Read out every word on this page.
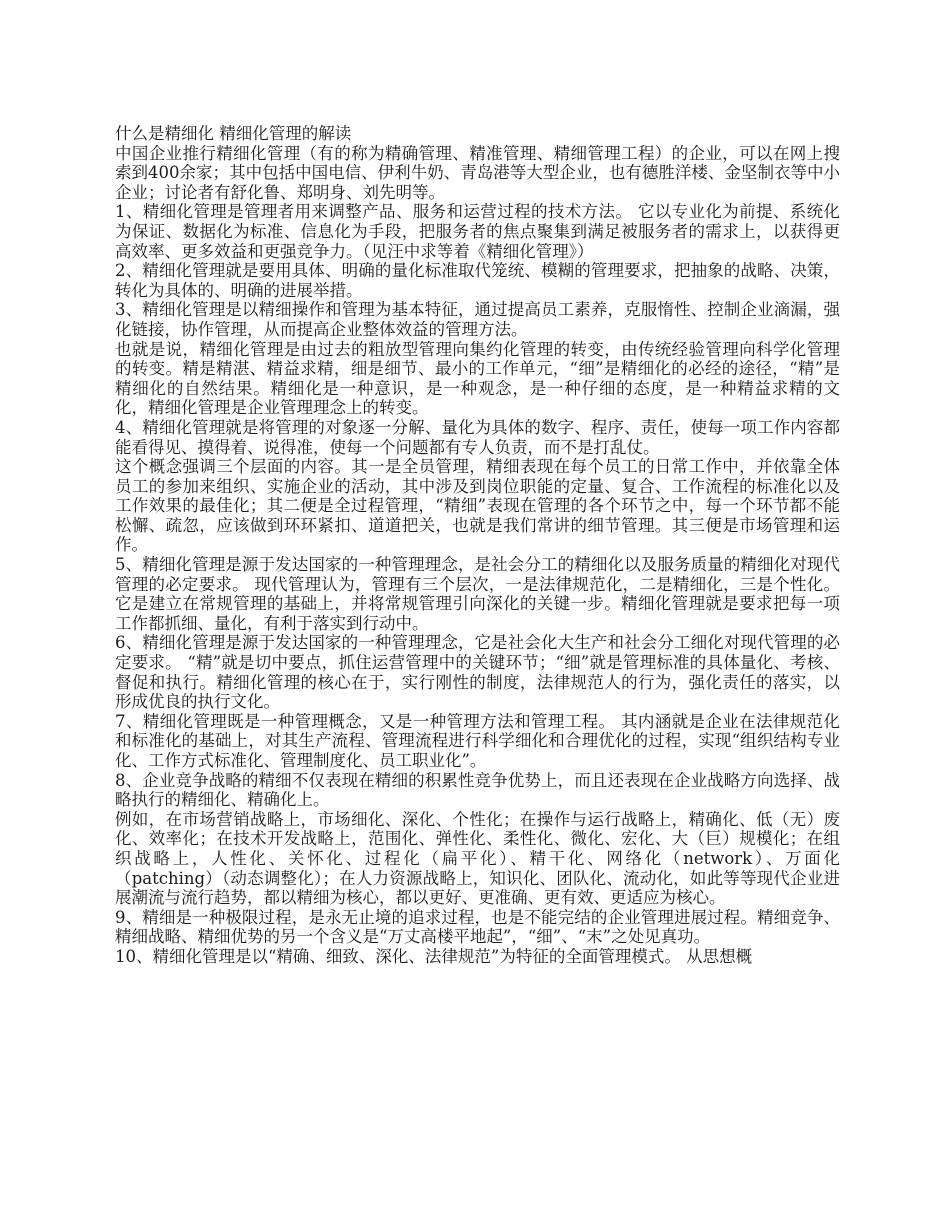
什么是精细化 精细化管理的解读

中国企业推行精细化管理（有的称为精确管理、精准管理、精细管理工程）的企业，可以在网上搜索到400余家；其中包括中国电信、伊利牛奶、青岛港等大型企业，也有德胜洋楼、金坚制衣等中小企业；讨论者有舒化鲁、郑明身、刘先明等。

1、精细化管理是管理者用来调整产品、服务和运营过程的技术方法。 它以专业化为前提、系统化为保证、数据化为标准、信息化为手段，把服务者的焦点聚集到满足被服务者的需求上，以获得更高效率、更多效益和更强竞争力。（见汪中求等着《精细化管理》）

2、精细化管理就是要用具体、明确的量化标准取代笼统、模糊的管理要求，把抽象的战略、决策，转化为具体的、明确的进展举措。

3、精细化管理是以精细操作和管理为基本特征，通过提高员工素养，克服惰性、控制企业滴漏，强化链接，协作管理，从而提高企业整体效益的管理方法。

也就是说，精细化管理是由过去的粗放型管理向集约化管理的转变，由传统经验管理向科学化管理的转变。精是精湛、精益求精，细是细节、最小的工作单元，“细”是精细化的必经的途径，“精”是精细化的自然结果。精细化是一种意识，是一种观念，是一种仔细的态度，是一种精益求精的文化，精细化管理是企业管理理念上的转变。

4、精细化管理就是将管理的对象逐一分解、量化为具体的数字、程序、责任，使每一项工作内容都能看得见、摸得着、说得准，使每一个问题都有专人负责，而不是打乱仗。

这个概念强调三个层面的内容。其一是全员管理，精细表现在每个员工的日常工作中，并依靠全体员工的参加来组织、实施企业的活动，其中涉及到岗位职能的定量、复合、工作流程的标准化以及工作效果的最佳化；其二便是全过程管理，“精细”表现在管理的各个环节之中，每一个环节都不能松懈、疏忽，应该做到环环紧扣、道道把关，也就是我们常讲的细节管理。其三便是市场管理和运作。

5、精细化管理是源于发达国家的一种管理理念，是社会分工的精细化以及服务质量的精细化对现代管理的必定要求。 现代管理认为，管理有三个层次，一是法律规范化，二是精细化，三是个性化。它是建立在常规管理的基础上，并将常规管理引向深化的关键一步。精细化管理就是要求把每一项工作都抓细、量化，有利于落实到行动中。

6、精细化管理是源于发达国家的一种管理理念，它是社会化大生产和社会分工细化对现代管理的必定要求。 “精”就是切中要点，抓住运营管理中的关键环节；“细”就是管理标准的具体量化、考核、督促和执行。精细化管理的核心在于，实行刚性的制度，法律规范人的行为，强化责任的落实，以形成优良的执行文化。

7、精细化管理既是一种管理概念，又是一种管理方法和管理工程。 其内涵就是企业在法律规范化和标准化的基础上，对其生产流程、管理流程进行科学细化和合理优化的过程，实现“组织结构专业化、工作方式标准化、管理制度化、员工职业化”。

8、企业竞争战略的精细不仅表现在精细的积累性竞争优势上，而且还表现在企业战略方向选择、战略执行的精细化、精确化上。

例如，在市场营销战略上，市场细化、深化、个性化；在操作与运行战略上，精确化、低（无）废化、效率化；在技术开发战略上，范围化、弹性化、柔性化、微化、宏化、大（巨）规模化；在组织战略上，人性化、关怀化、过程化（扁平化）、精干化、网络化（network）、万面化（patching）（动态调整化）；在人力资源战略上，知识化、团队化、流动化，如此等等现代企业进展潮流与流行趋势，都以精细为核心，都以更好、更准确、更有效、更适应为核心。

9、精细是一种极限过程，是永无止境的追求过程，也是不能完结的企业管理进展过程。精细竞争、精细战略、精细优势的另一个含义是“万丈高楼平地起”，“细”、“末”之处见真功。

10、精细化管理是以“精确、细致、深化、法律规范”为特征的全面管理模式。 从思想概
